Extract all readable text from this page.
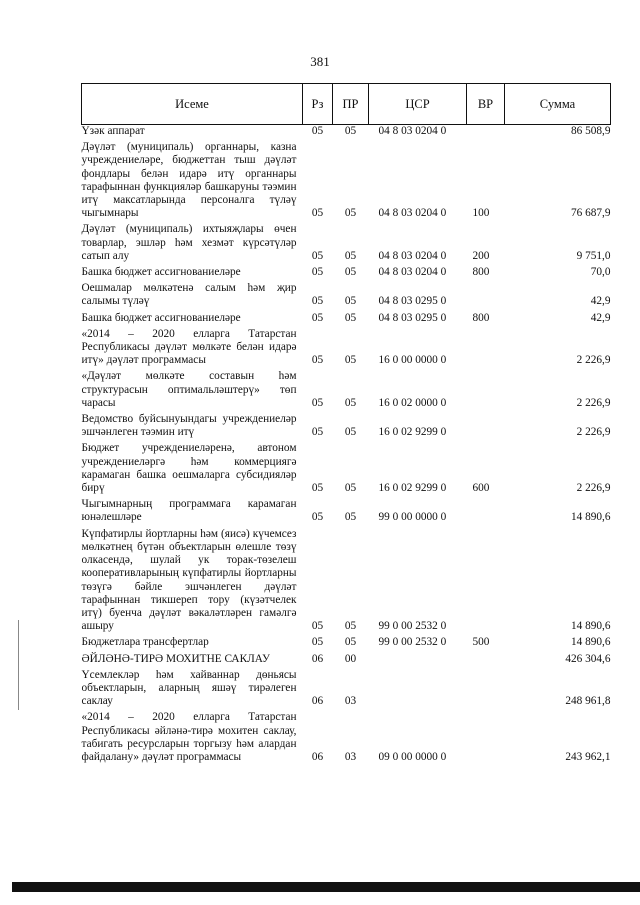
381
Исеме	Рз	ПР	ЦСР	ВР	Сумма
Үзәк аппарат	05	05	04 8 03 0204 0		86 508,9
Дәүләт (муниципаль) органнары, казна учреждениеләре, бюджеттан тыш дәүләт фондлары белән идарә итү органнары тарафыннан функцияләр башкаруны тәэмин итү максатларында персоналга түләү чыгымнары	05	05	04 8 03 0204 0	100	76 687,9
Дәүләт (муниципаль) ихтыяҗлары өчен товарлар, эшләр һәм хезмәт күрсәтүләр сатып алу	05	05	04 8 03 0204 0	200	9 751,0
Башка бюджет ассигнованиеләре	05	05	04 8 03 0204 0	800	70,0
Оешмалар мөлкәтенә салым һәм җир салымы түләү	05	05	04 8 03 0295 0		42,9
Башка бюджет ассигнованиеләре	05	05	04 8 03 0295 0	800	42,9
«2014 – 2020 елларга Татарстан Республикасы дәүләт мөлкәте белән идарә итү» дәүләт программасы	05	05	16 0 00 0000 0		2 226,9
«Дәүләт мөлкәте составын һәм структурасын оптимальләштерү» төп чарасы	05	05	16 0 02 0000 0		2 226,9
Ведомство буйсынуындагы учреждениеләр эшчәнлеген тәэмин итү	05	05	16 0 02 9299 0		2 226,9
Бюджет учреждениеләренә, автоном учреждениеләргә һәм коммерциягә карамаган башка оешмаларга субсидияләр бирү	05	05	16 0 02 9299 0	600	2 226,9
Чыгымнарның программага карамаган юнәлешләре	05	05	99 0 00 0000 0		14 890,6
Күпфатирлы йортларны һәм (яисә) күчемсез мөлкәтнең бүтән объектларын өлешле төзү олкасендә, шулай ук торак-төзелеш кооперативларының күпфатирлы йортларны төзүгә бәйле эшчәнлеген дәүләт тарафыннан тикшереп тору (күзәтчелек итү) буенча дәүләт вәкаләтләрен гамәлгә ашыру	05	05	99 0 00 2532 0		14 890,6
Бюджетлара трансфертлар	05	05	99 0 00 2532 0	500	14 890,6
ӘЙЛӘНӘ-ТИРӘ МОХИТНЕ САКЛАУ	06	00			426 304,6
Үсемлекләр һәм хайваннар дөньясы объектларын, аларның яшәү тирәлеген саклау	06	03			248 961,8
«2014 – 2020 елларга Татарстан Республикасы әйләнә-тирә мохитен саклау, табигать ресурсларын торгызу һәм алардан файдалану» дәүләт программасы	06	03	09 0 00 0000 0		243 962,1
